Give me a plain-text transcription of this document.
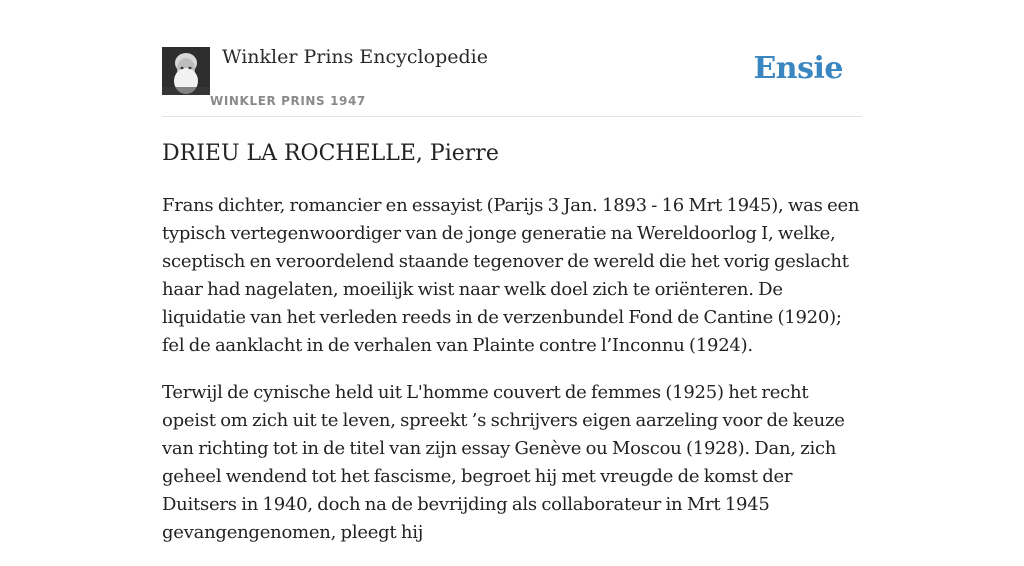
Winkler Prins Encyclopedie
WINKLER PRINS 1947
Ensie
DRIEU LA ROCHELLE, Pierre

Frans dichter, romancier en essayist (Parijs 3 Jan. 1893 - 16 Mrt 1945), was een typisch vertegenwoordiger van de jonge generatie na Wereldoorlog I, welke, sceptisch en veroordelend staande tegenover de wereld die het vorig geslacht haar had nagelaten, moeilijk wist naar welk doel zich te oriënteren. De liquidatie van het verleden reeds in de verzenbundel Fond de Cantine (1920); fel de aanklacht in de verhalen van Plainte contre l’Inconnu (1924).

Terwijl de cynische held uit L'homme couvert de femmes (1925) het recht opeist om zich uit te leven, spreekt ’s schrijvers eigen aarzeling voor de keuze van richting tot in de titel van zijn essay Genève ou Moscou (1928). Dan, zich geheel wendend tot het fascisme, begroet hij met vreugde de komst der Duitsers in 1940, doch na de bevrijding als collaborateur in Mrt 1945 gevangengenomen, pleegt hij
